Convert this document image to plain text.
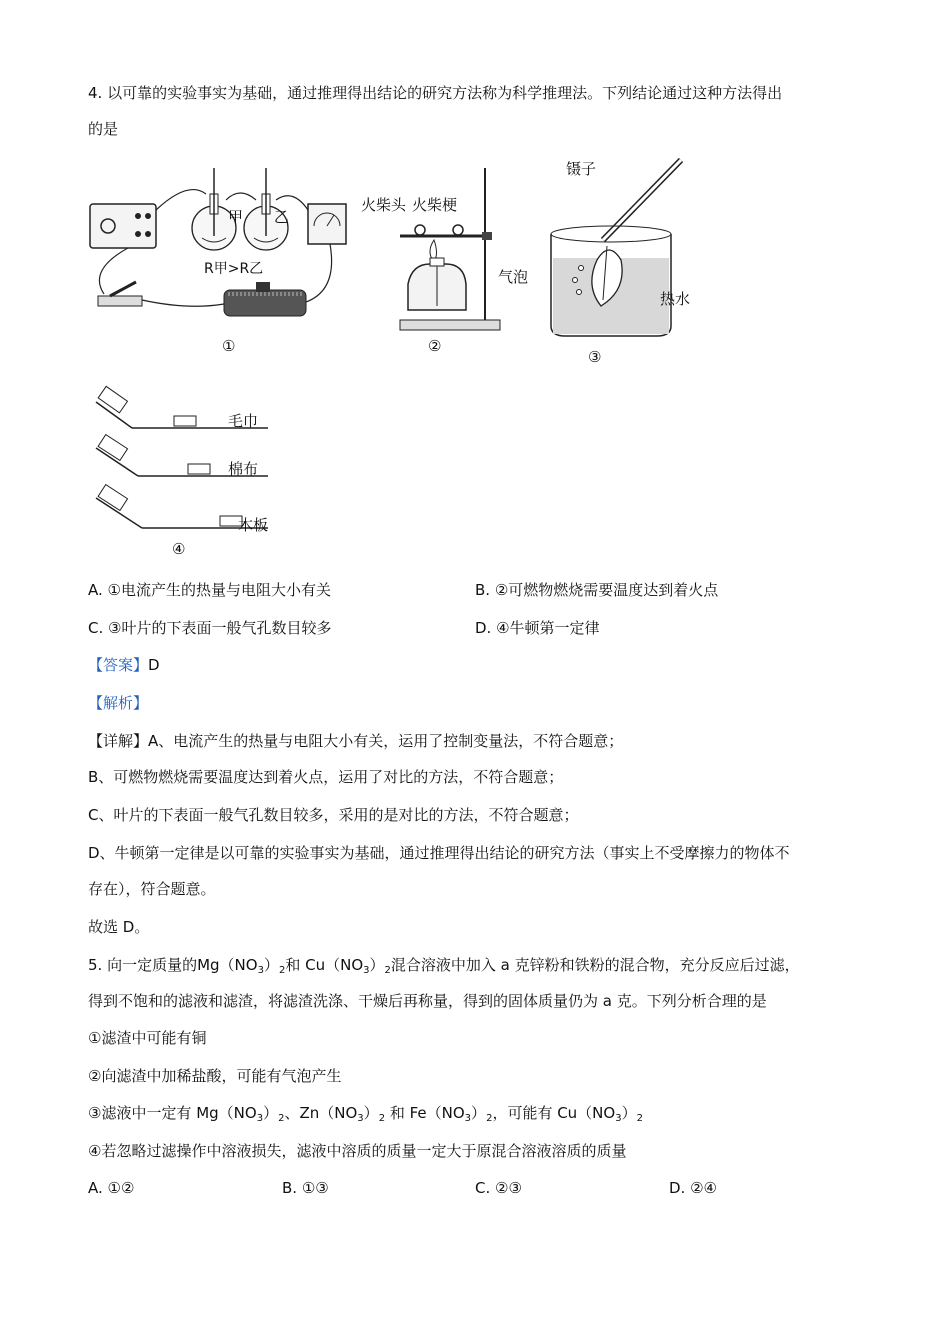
4. 以可靠的实验事实为基础，通过推理得出结论的研究方法称为科学推理法。下列结论通过这种方法得出
的是
甲 乙
R甲>R乙
①
火柴头 火柴梗
②
镊子
气泡
热水
③
毛巾
棉布
木板
④
A. ①电流产生的热量与电阻大小有关	B. ②可燃物燃烧需要温度达到着火点
C. ③叶片的下表面一般气孔数目较多	D. ④牛顿第一定律
【答案】D
【解析】
【详解】A、电流产生的热量与电阻大小有关，运用了控制变量法，不符合题意；
B、可燃物燃烧需要温度达到着火点，运用了对比的方法，不符合题意；
C、叶片的下表面一般气孔数目较多，采用的是对比的方法，不符合题意；
D、牛顿第一定律是以可靠的实验事实为基础，通过推理得出结论的研究方法（事实上不受摩擦力的物体不
存在），符合题意。
故选 D。
5. 向一定质量的$Mg(NO_3)_2$和 $Cu(NO_3)_2$混合溶液中加入 a 克锌粉和铁粉的混合物，充分反应后过滤，
得到不饱和的滤液和滤渣，将滤渣洗涤、干燥后再称量，得到的固体质量仍为 a 克。下列分析合理的是
①滤渣中可能有铜
②向滤渣中加稀盐酸，可能有气泡产生
③滤液中一定有 $Mg(NO_3)_2$、$Zn(NO_3)_2$ 和 $Fe(NO_3)_2$，可能有 $Cu(NO_3)_2$
④若忽略过滤操作中溶液损失，滤液中溶质的质量一定大于原混合溶液溶质的质量
A. ①②	B. ①③	C. ②③	D. ②④
